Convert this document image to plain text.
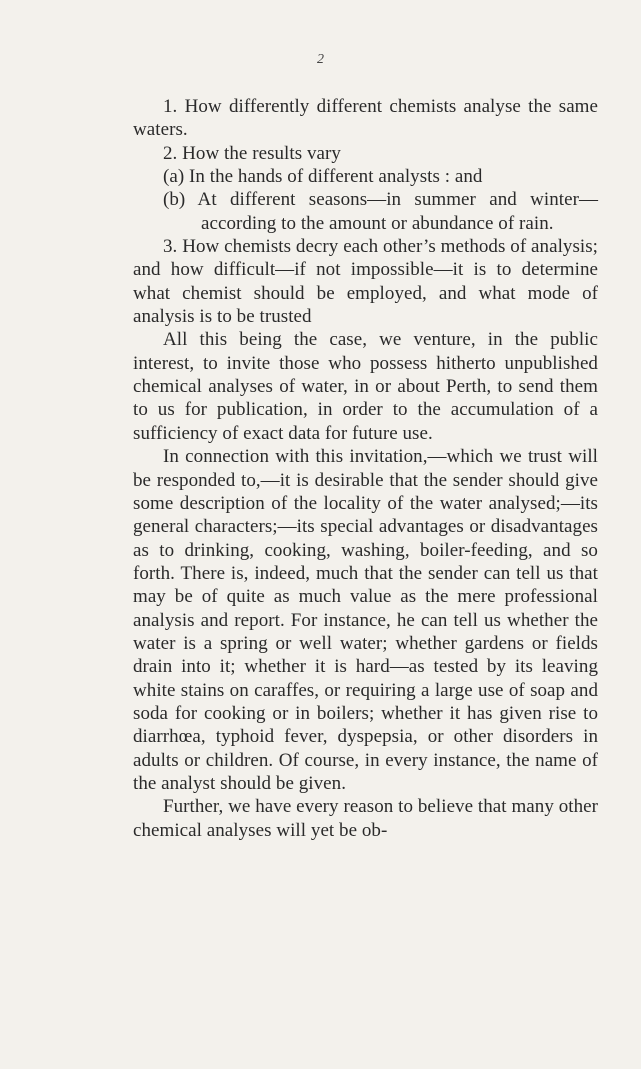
2

1. How differently different chemists analyse the same waters.

2. How the results vary

(a) In the hands of different analysts : and

(b) At different seasons—in summer and winter—according to the amount or abundance of rain.

3. How chemists decry each other’s methods of analysis; and how difficult—if not impossible—it is to determine what chemist should be employed, and what mode of analysis is to be trusted

All this being the case, we venture, in the public interest, to invite those who possess hitherto unpublished chemical analyses of water, in or about Perth, to send them to us for publication, in order to the accumulation of a sufficiency of exact data for future use.

In connection with this invitation,—which we trust will be responded to,—it is desirable that the sender should give some description of the locality of the water analysed;—its general characters;—its special advantages or disadvantages as to drinking, cooking, washing, boiler-feeding, and so forth. There is, indeed, much that the sender can tell us that may be of quite as much value as the mere professional analysis and report. For instance, he can tell us whether the water is a spring or well water; whether gardens or fields drain into it; whether it is hard—as tested by its leaving white stains on caraffes, or requiring a large use of soap and soda for cooking or in boilers; whether it has given rise to diarrhœa, typhoid fever, dyspepsia, or other disorders in adults or children. Of course, in every instance, the name of the analyst should be given.

Further, we have every reason to believe that many other chemical analyses will yet be ob-
